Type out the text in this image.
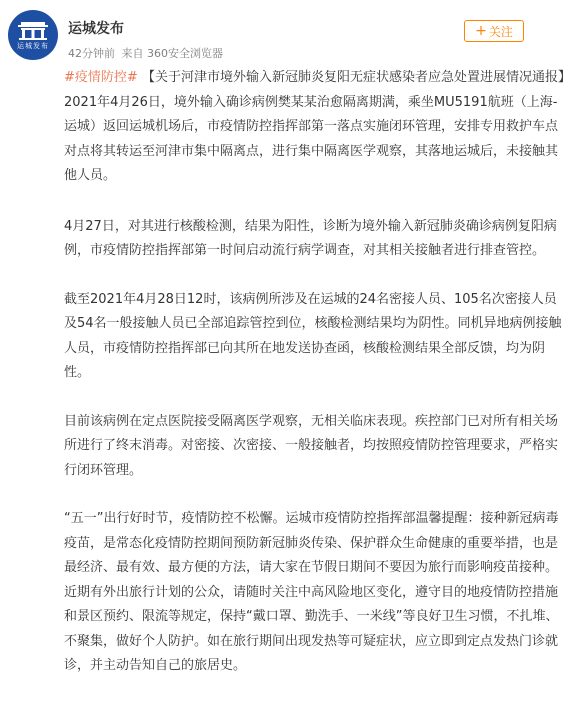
运城发布
运城发布
42分钟前 来自 360安全浏览器
+ 关注

#疫情防控# 【关于河津市境外输入新冠肺炎复阳无症状感染者应急处置进展情况通报】2021年4月26日，境外输入确诊病例樊某某治愈隔离期满，乘坐MU5191航班（上海-运城）返回运城机场后，市疫情防控指挥部第一落点实施闭环管理，安排专用救护车点对点将其转运至河津市集中隔离点，进行集中隔离医学观察，其落地运城后，未接触其他人员。

4月27日，对其进行核酸检测，结果为阳性，诊断为境外输入新冠肺炎确诊病例复阳病例，市疫情防控指挥部第一时间启动流行病学调查，对其相关接触者进行排查管控。

截至2021年4月28日12时，该病例所涉及在运城的24名密接人员、105名次密接人员及54名一般接触人员已全部追踪管控到位，核酸检测结果均为阴性。同机异地病例接触人员，市疫情防控指挥部已向其所在地发送协查函，核酸检测结果全部反馈，均为阴性。

目前该病例在定点医院接受隔离医学观察，无相关临床表现。疾控部门已对所有相关场所进行了终末消毒。对密接、次密接、一般接触者，均按照疫情防控管理要求，严格实行闭环管理。

“五一”出行好时节，疫情防控不松懈。运城市疫情防控指挥部温馨提醒：接种新冠病毒疫苗，是常态化疫情防控期间预防新冠肺炎传染、保护群众生命健康的重要举措，也是最经济、最有效、最方便的方法，请大家在节假日期间不要因为旅行而影响疫苗接种。近期有外出旅行计划的公众，请随时关注中高风险地区变化，遵守目的地疫情防控措施和景区预约、限流等规定，保持“戴口罩、勤洗手、一米线”等良好卫生习惯，不扎堆、不聚集，做好个人防护。如在旅行期间出现发热等可疑症状，应立即到定点发热门诊就诊，并主动告知自己的旅居史。
